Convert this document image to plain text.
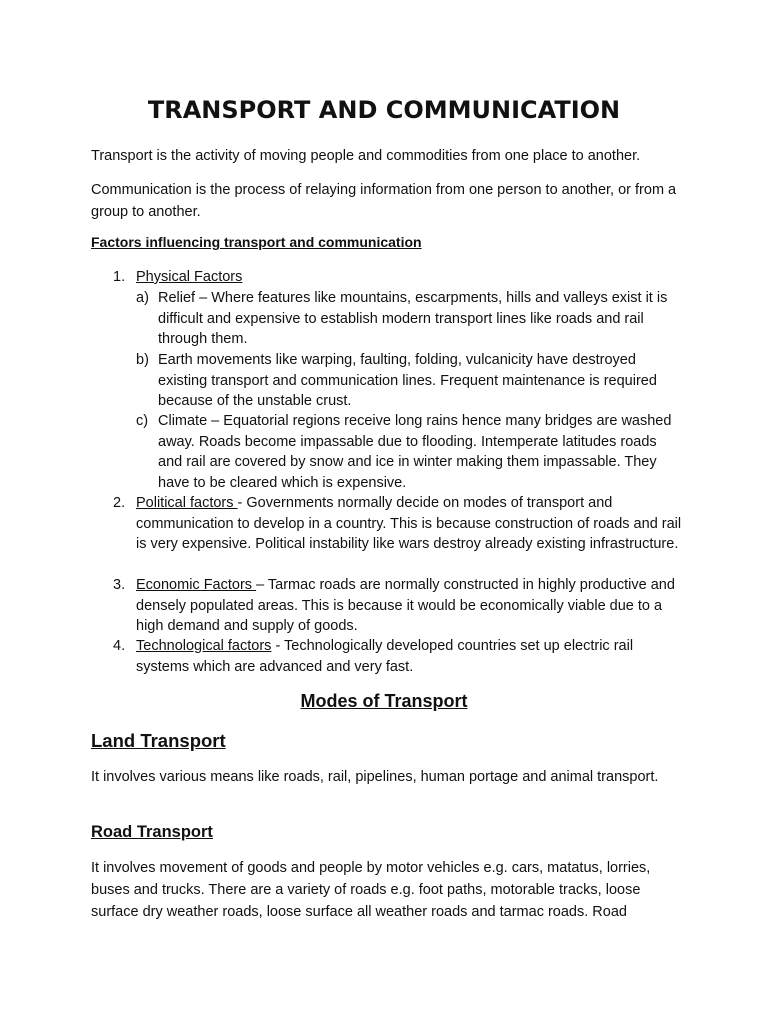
TRANSPORT AND COMMUNICATION

Transport is the activity of moving people and commodities from one place to another.

Communication is the process of relaying information from one person to another, or from a group to another.

Factors influencing transport and communication

1. Physical Factors
a) Relief – Where features like mountains, escarpments, hills and valleys exist it is difficult and expensive to establish modern transport lines like roads and rail through them.
b) Earth movements like warping, faulting, folding, vulcanicity have destroyed existing transport and communication lines. Frequent maintenance is required because of the unstable crust.
c) Climate – Equatorial regions receive long rains hence many bridges are washed away. Roads become impassable due to flooding. Intemperate latitudes roads and rail are covered by snow and ice in winter making them impassable. They have to be cleared which is expensive.
2. Political factors - Governments normally decide on modes of transport and communication to develop in a country. This is because construction of roads and rail is very expensive. Political instability like wars destroy already existing infrastructure.
3. Economic Factors – Tarmac roads are normally constructed in highly productive and densely populated areas. This is because it would be economically viable due to a high demand and supply of goods.
4. Technological factors - Technologically developed countries set up electric rail systems which are advanced and very fast.

Modes of Transport

Land Transport

It involves various means like roads, rail, pipelines, human portage and animal transport.

Road Transport

It involves movement of goods and people by motor vehicles e.g. cars, matatus, lorries, buses and trucks. There are a variety of roads e.g. foot paths, motorable tracks, loose surface dry weather roads, loose surface all weather roads and tarmac roads. Road
